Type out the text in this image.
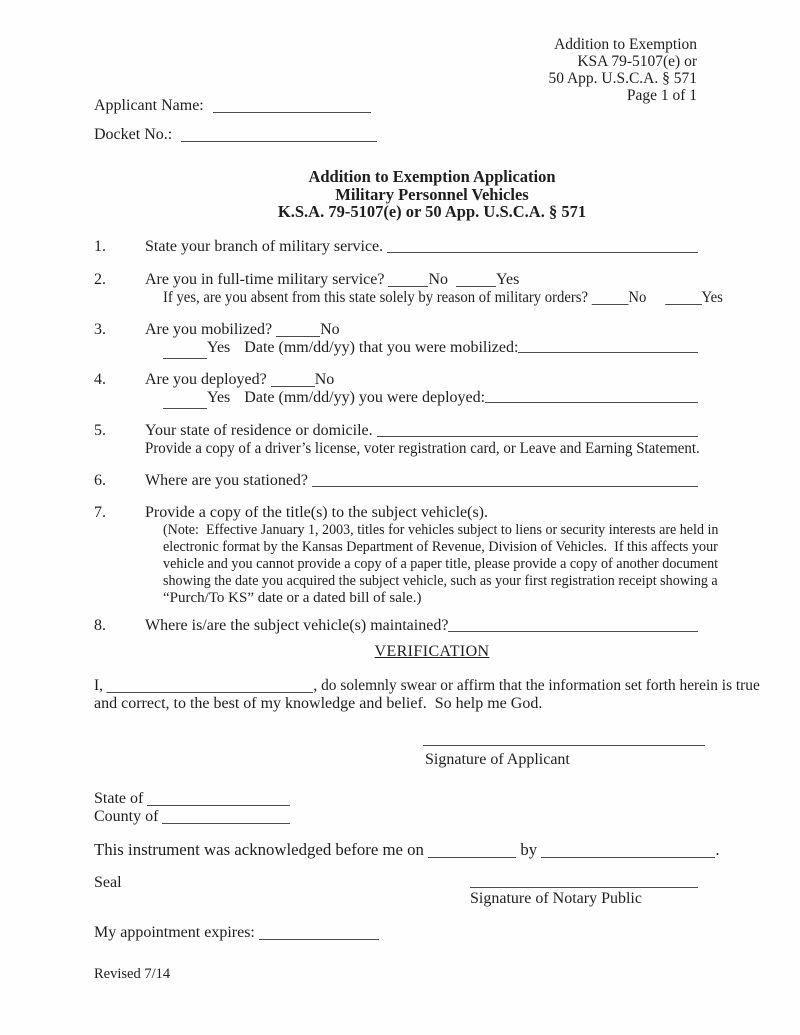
Addition to Exemption
KSA 79-5107(e) or
50 App. U.S.C.A. § 571
Page 1 of 1
Applicant Name:
Docket No.:
Addition to Exemption Application
Military Personnel Vehicles
K.S.A. 79-5107(e) or 50 App. U.S.C.A. § 571
1.	State your branch of military service.
2.	Are you in full-time military service?	No	Yes
If yes, are you absent from this state solely by reason of military orders? No	Yes
3.	Are you mobilized?	No
Yes Date (mm/dd/yy) that you were mobilized:
4.	Are you deployed?	No
Yes Date (mm/dd/yy) you were deployed:
5.	Your state of residence or domicile.
Provide a copy of a driver’s license, voter registration card, or Leave and Earning Statement.
6.	Where are you stationed?
7.	Provide a copy of the title(s) to the subject vehicle(s).
(Note:  Effective January 1, 2003, titles for vehicles subject to liens or security interests are held in
electronic format by the Kansas Department of Revenue, Division of Vehicles.  If this affects your
vehicle and you cannot provide a copy of a paper title, please provide a copy of another document
showing the date you acquired the subject vehicle, such as your first registration receipt showing a
“Purch/To KS” date or a dated bill of sale.)
8.	Where is/are the subject vehicle(s) maintained?
VERIFICATION
I,	, do solemnly swear or affirm that the information set forth herein is true
and correct, to the best of my knowledge and belief.  So help me God.
Signature of Applicant
State of
County of
This instrument was acknowledged before me on	by	.
Seal
Signature of Notary Public
My appointment expires:
Revised 7/14
